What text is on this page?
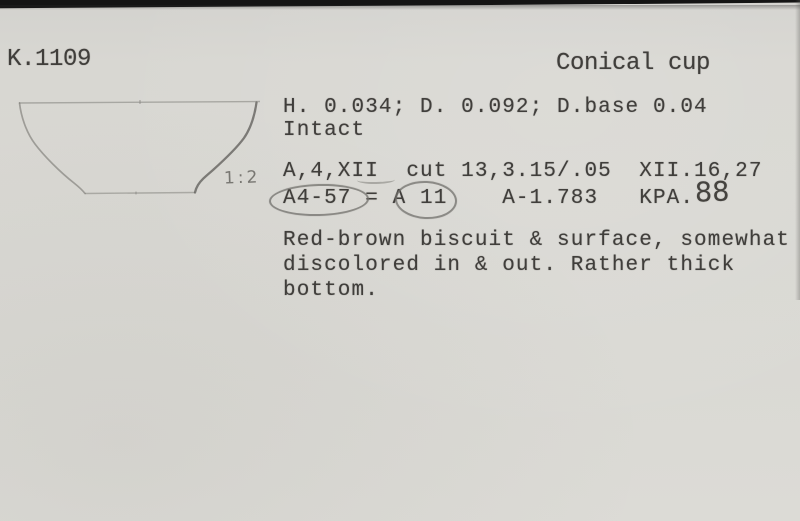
K.1109	Conical cup
1:2
H. 0.034; D. 0.092; D.base 0.04
Intact
A,4,XII  cut 13,3.15/.05  XII.16,27
A4-57 = A 11    A-1.783   KPA. 88
Red-brown biscuit & surface, somewhat
discolored in & out. Rather thick
bottom.
